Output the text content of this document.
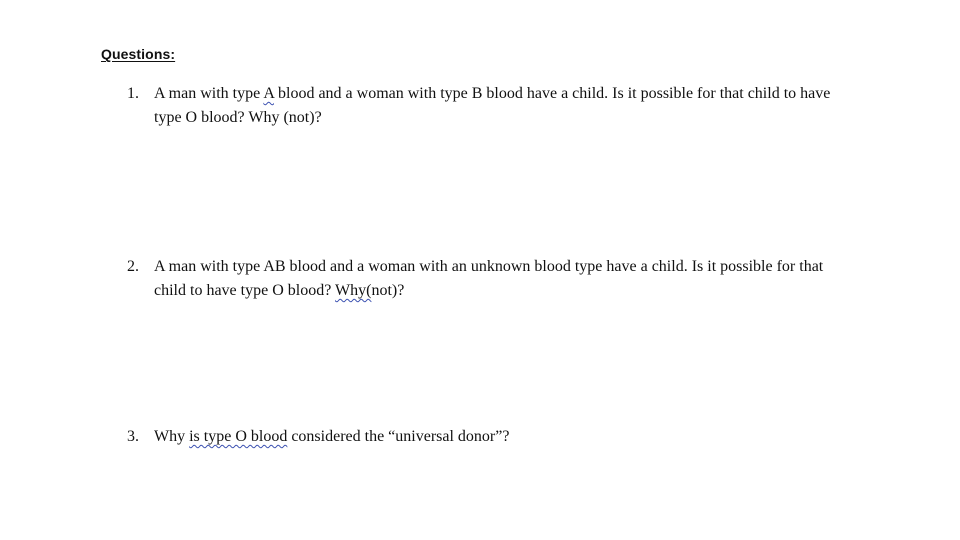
Questions:
1. A man with type A blood and a woman with type B blood have a child. Is it possible for that child to have type O blood? Why (not)?
2. A man with type AB blood and a woman with an unknown blood type have a child. Is it possible for that child to have type O blood? Why(not)?
3. Why is type O blood considered the “universal donor”?
